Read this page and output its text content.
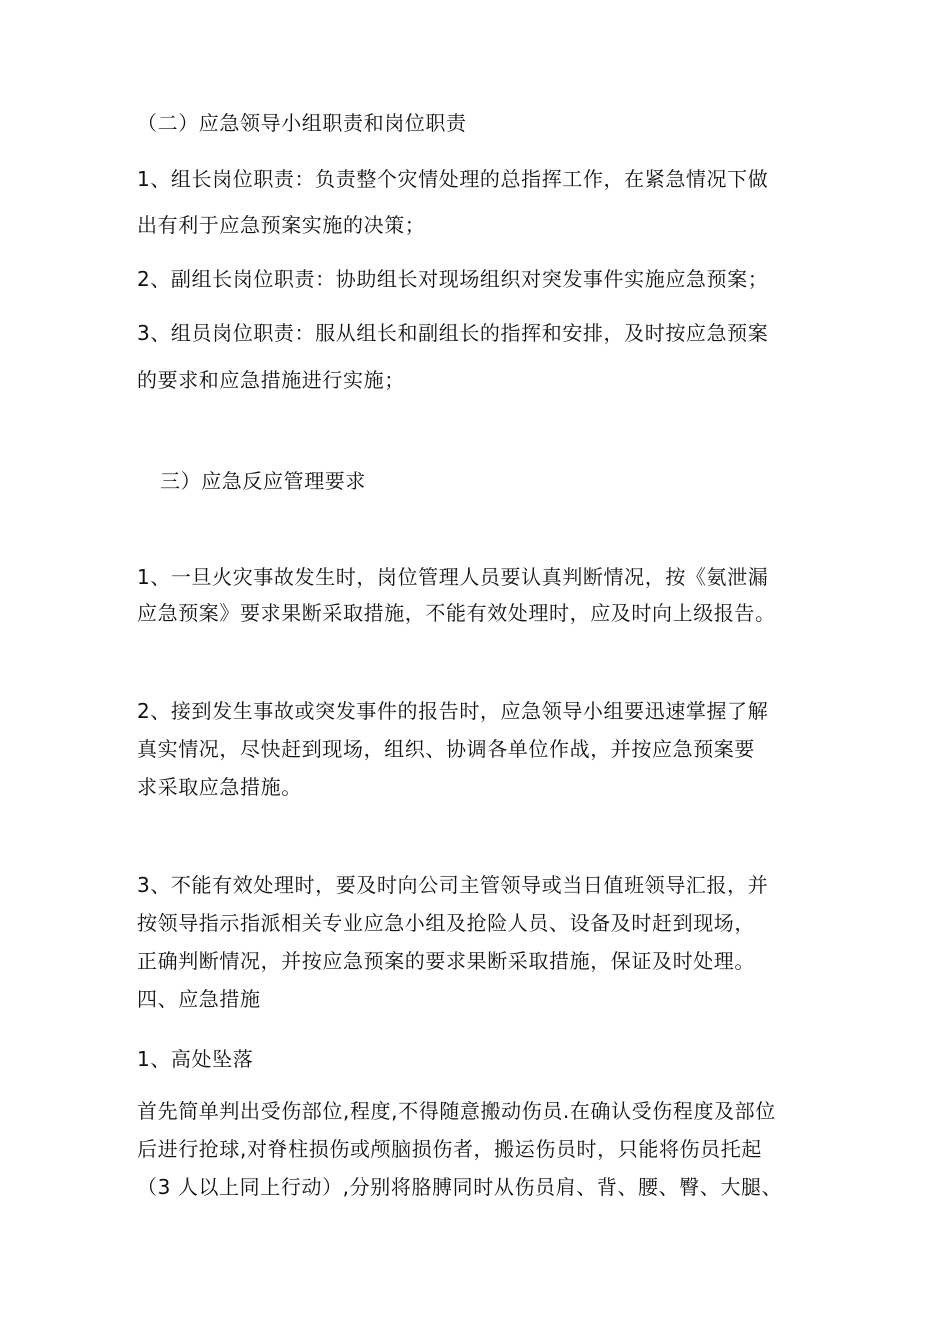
（二）应急领导小组职责和岗位职责
1、组长岗位职责：负责整个灾情处理的总指挥工作，在紧急情况下做
出有利于应急预案实施的决策；
2、副组长岗位职责：协助组长对现场组织对突发事件实施应急预案；
3、组员岗位职责：服从组长和副组长的指挥和安排，及时按应急预案
的要求和应急措施进行实施；
三）应急反应管理要求
1、一旦火灾事故发生时，岗位管理人员要认真判断情况，按《氨泄漏
应急预案》要求果断采取措施，不能有效处理时，应及时向上级报告。
2、接到发生事故或突发事件的报告时，应急领导小组要迅速掌握了解
真实情况，尽快赶到现场，组织、协调各单位作战，并按应急预案要
求采取应急措施。
3、不能有效处理时，要及时向公司主管领导或当日值班领导汇报，并
按领导指示指派相关专业应急小组及抢险人员、设备及时赶到现场，
正确判断情况，并按应急预案的要求果断采取措施，保证及时处理。
四、应急措施
1、高处坠落
首先简单判出受伤部位,程度,不得随意搬动伤员.在确认受伤程度及部位
后进行抢球,对脊柱损伤或颅脑损伤者，搬运伤员时，只能将伤员托起
（3 人以上同上行动）,分别将胳膊同时从伤员肩、背、腰、臀、大腿、
